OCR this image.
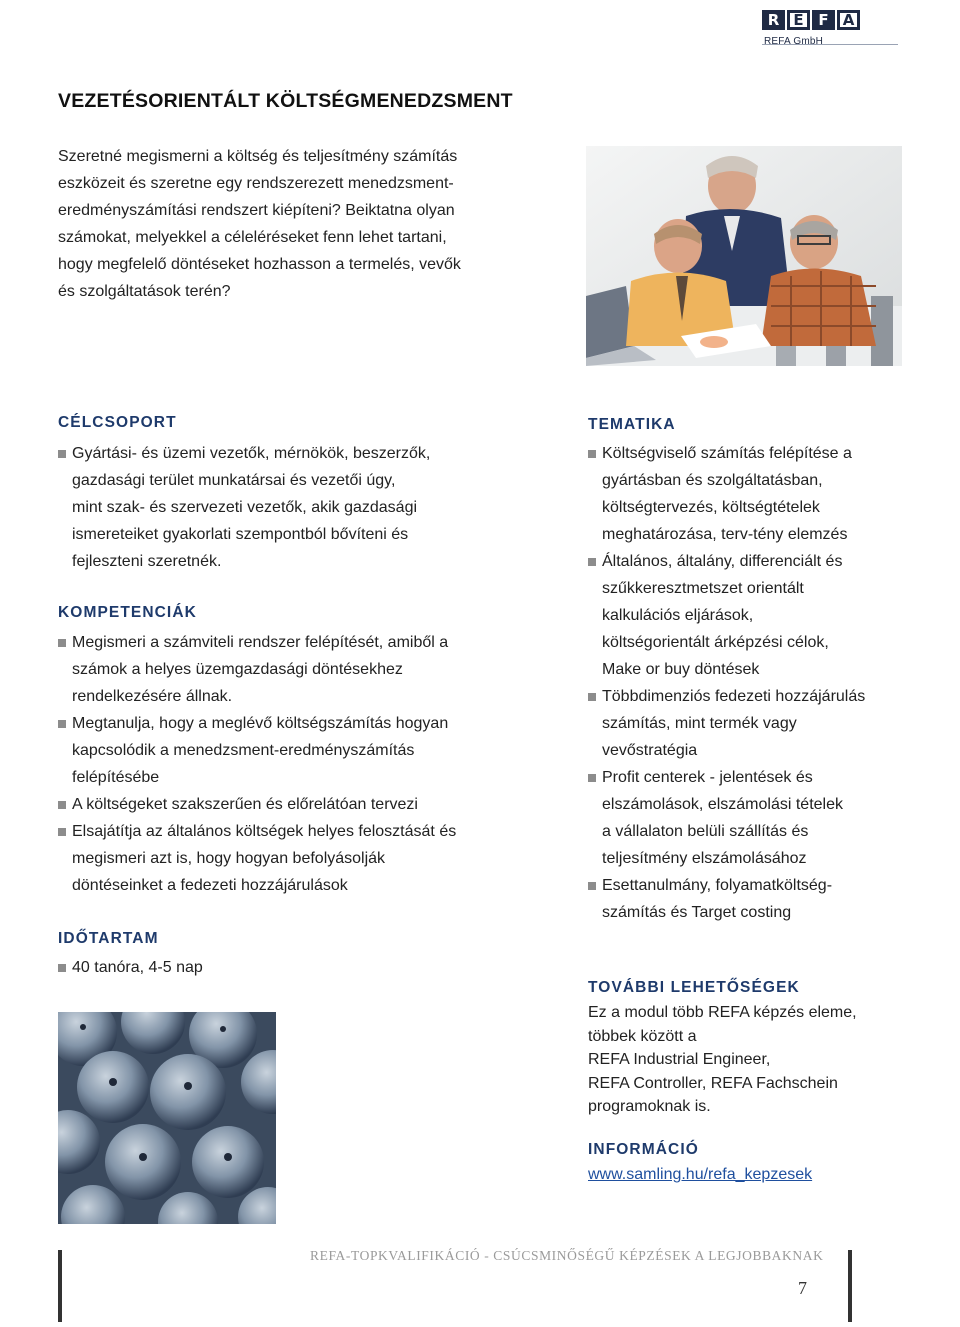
R E F A
REFA GmbH
VEZETÉSORIENTÁLT KÖLTSÉGMENEDZSMENT
Szeretné megismerni a költség és teljesítmény számítás
eszközeit és szeretne egy rendszerezett menedzsment-
eredményszámítási rendszert kiépíteni? Beiktatna olyan
számokat, melyekkel a céleléréseket fenn lehet tartani,
hogy megfelelő döntéseket hozhasson a termelés, vevők
és szolgáltatások terén?
CÉLCSOPORT
Gyártási- és üzemi vezetők, mérnökök, beszerzők,
gazdasági terület munkatársai és vezetői úgy,
mint szak- és szervezeti vezetők, akik gazdasági
ismereteiket gyakorlati szempontból bővíteni és
fejleszteni szeretnék.
KOMPETENCIÁK
Megismeri a számviteli rendszer felépítését, amiből a
számok a helyes üzemgazdasági döntésekhez
rendelkezésére állnak.
Megtanulja, hogy a meglévő költségszámítás hogyan
kapcsolódik a menedzsment-eredményszámítás
felépítésébe
A költségeket szakszerűen és előrelátóan tervezi
Elsajátítja az általános költségek helyes felosztását és
megismeri azt is, hogy hogyan befolyásolják
döntéseinket a fedezeti hozzájárulások
IDŐTARTAM
40 tanóra, 4-5 nap
TEMATIKA
Költségviselő számítás felépítése a
gyártásban és szolgáltatásban,
költségtervezés, költségtételek
meghatározása, terv-tény elemzés
Általános, általány, differenciált és
szűkkeresztmetszet orientált
kalkulációs eljárások,
költségorientált árképzési célok,
Make or buy döntések
Többdimenziós fedezeti hozzájárulás
számítás, mint termék vagy
vevőstratégia
Profit centerek - jelentések és
elszámolások, elszámolási tételek
a vállalaton belüli szállítás és
teljesítmény elszámolásához
Esettanulmány, folyamatköltség-
számítás és Target costing
TOVÁBBI LEHETŐSÉGEK
Ez a modul több REFA képzés eleme,
többek között a
REFA Industrial Engineer,
REFA Controller, REFA Fachschein
programoknak is.
INFORMÁCIÓ
www.samling.hu/refa_kepzesek
REFA-TOPKVALIFIKÁCIÓ - CSÚCSMINŐSÉGŰ KÉPZÉSEK A LEGJOBBAKNAK
7
